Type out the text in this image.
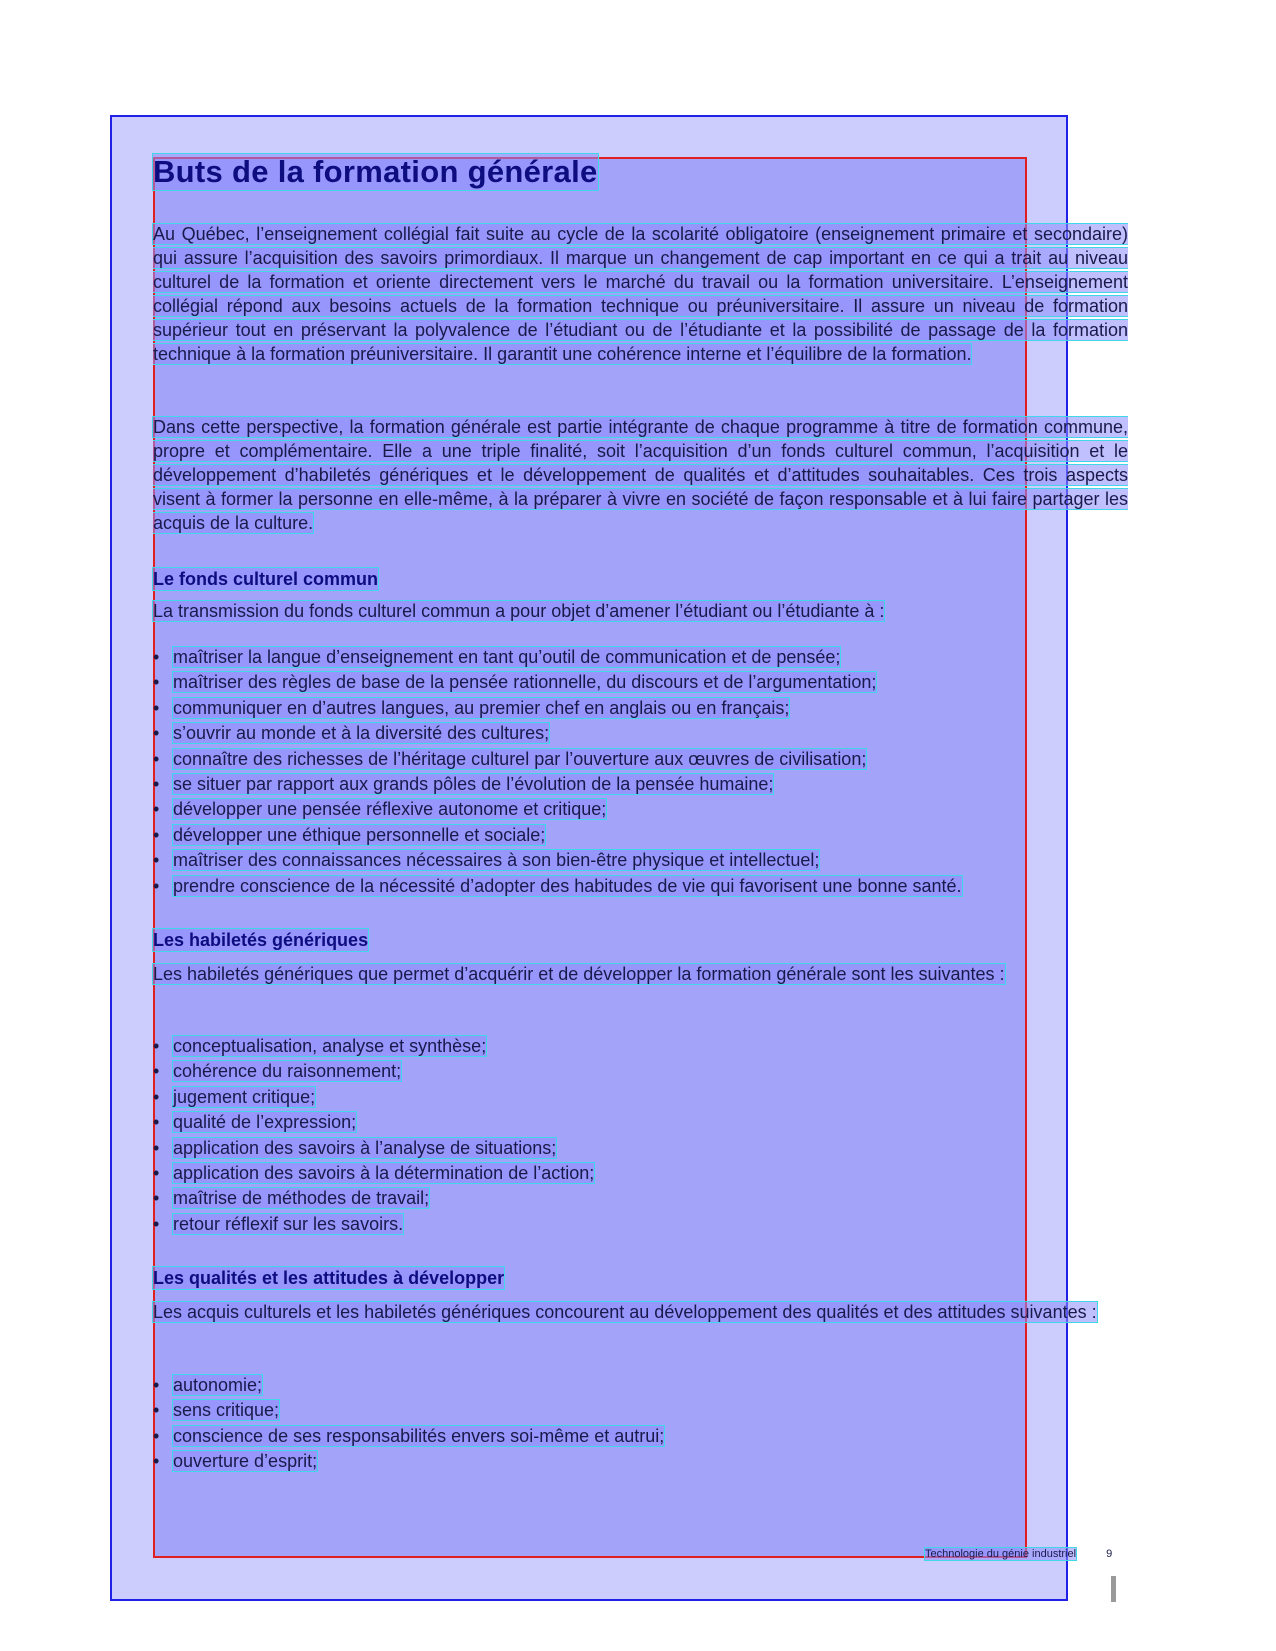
Buts de la formation générale

Au Québec, l’enseignement collégial fait suite au cycle de la scolarité obligatoire (enseignement primaire et secondaire) qui assure l’acquisition des savoirs primordiaux. Il marque un changement de cap important en ce qui a trait au niveau culturel de la formation et oriente directement vers le marché du travail ou la formation universitaire. L’enseignement collégial répond aux besoins actuels de la formation technique ou préuniversitaire. Il assure un niveau de formation supérieur tout en préservant la polyvalence de l’étudiant ou de l’étudiante et la possibilité de passage de la formation technique à la formation préuniversitaire. Il garantit une cohérence interne et l’équilibre de la formation.

Dans cette perspective, la formation générale est partie intégrante de chaque programme à titre de formation commune, propre et complémentaire. Elle a une triple finalité, soit l’acquisition d’un fonds culturel commun, l’acquisition et le développement d’habiletés génériques et le développement de qualités et d’attitudes souhaitables. Ces trois aspects visent à former la personne en elle-même, à la préparer à vivre en société de façon responsable et à lui faire partager les acquis de la culture.

Le fonds culturel commun

La transmission du fonds culturel commun a pour objet d’amener l’étudiant ou l’étudiante à :

• maîtriser la langue d’enseignement en tant qu’outil de communication et de pensée;
• maîtriser des règles de base de la pensée rationnelle, du discours et de l’argumentation;
• communiquer en d’autres langues, au premier chef en anglais ou en français;
• s’ouvrir au monde et à la diversité des cultures;
• connaître des richesses de l’héritage culturel par l’ouverture aux œuvres de civilisation;
• se situer par rapport aux grands pôles de l’évolution de la pensée humaine;
• développer une pensée réflexive autonome et critique;
• développer une éthique personnelle et sociale;
• maîtriser des connaissances nécessaires à son bien-être physique et intellectuel;
• prendre conscience de la nécessité d’adopter des habitudes de vie qui favorisent une bonne santé.
Les habiletés génériques

Les habiletés génériques que permet d’acquérir et de développer la formation générale sont les suivantes :

• conceptualisation, analyse et synthèse;
• cohérence du raisonnement;
• jugement critique;
• qualité de l’expression;
• application des savoirs à l’analyse de situations;
• application des savoirs à la détermination de l’action;
• maîtrise de méthodes de travail;
• retour réflexif sur les savoirs.
Les qualités et les attitudes à développer

Les acquis culturels et les habiletés génériques concourent au développement des qualités et des attitudes suivantes :

• autonomie;
• sens critique;
• conscience de ses responsabilités envers soi-même et autrui;
• ouverture d’esprit;
Technologie du génie industriel	9
